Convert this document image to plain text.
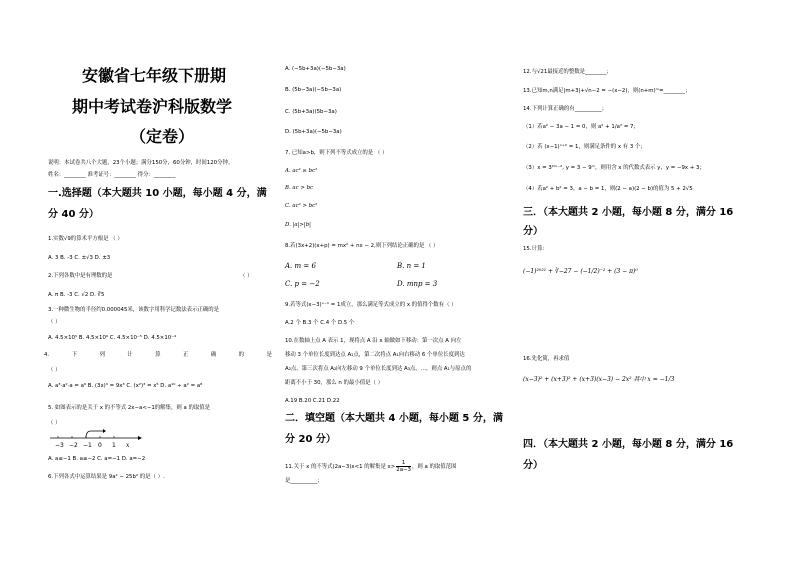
安徽省七年级下册期
期中考试卷沪科版数学
（定卷）
说明：本试卷共八个大题，23个小题；满分150分，60分钟，时间120分钟。
姓名：________ 准考证号：________ 得分：________
一.选择题（本大题共 10 小题，每小题 4 分，满
分 40 分）
1.实数√9的算术平方根是 （ ）
A. 3 B. -3 C. ±√3 D. ±3
2.下列各数中是有理数的是	（ ）
A. π B. -3 C. √2 D. ∛5
3.一种微生物的半径约0.000045米，该数字用科学记数法表示正确的是
（ ）
A. 4.5×10⁵ B. 4.5×10⁶ C. 4.5×10⁻⁵ D. 4.5×10⁻⁴
4.	下	列	计	算	正	确	的	是
（ ）
A. a³·a²·a = a⁶ B. (3x)³ = 9x³ C. (x²)³ = x⁵ D. a¹⁰ ÷ a² = a⁸
5. 如图表示的是关于 x 的不等式 2x−a<−1的解集，则 a 的取值是
（ ）
−3 −2 −1 0 1 x
A. a≤−1 B. a≤−2 C. a=−1 D. a=−2
6.下列各式中运算结果是 9a² − 25b² 的是（ ）.
A. (−5b+3a)(−5b−3a)
B. (5b−3a)(−5b−3a)
C. (5b+3a)(5b−3a)
D. (5b+3a)(−5b−3a)
7. 已知a>b，则下列不等式成立的是 （ ）
A. ac² ≥ bc²
B. ac > bc
C. ac² > bc²
D. |a|>|b|
8.若(3x+2)(x+p) = mx² + nx − 2,则下列结论正确的是 （ ）
A. m = 6	B. n = 1
C. p = −2	D. mnp = 3
9.若等式(x−3)ˣ⁻¹ = 1成立，那么满足等式成立的 x 的值得个数有（ ）
A.2 个 B.3 个 C.4 个 D.5 个
10.在数轴上点 A 表示 1，现将点 A 沿 x 轴做如下移动：第一次点 A 向左
移动 3 个单位长度到达点 A₁点，第二次将点 A₁向右移动 6 个单位长度到达
A₂点，第三次将点 A₂向左移动 9 个单位长度到达 A₃点，…，则点 A₁与原点的
距离不小于 30，那么 n 的最小值是（ ）
A.19 B.20 C.21 D.22
二．填空题（本大题共 4 小题，每小题 5 分，满
分 20 分）
11.关于 x 的不等式(2a−3)x<1 的解集是 $x> \frac{1}{2a-3}$ ，则 a 的取值范围
是__________；
12.与√21最接近的整数是________；
13.已知m,n满足|m+3|+√n−2 = −(x−2)，则(n+m)ᵐ=________；
14.下列计算正确的有__________；
（1）若a² − 3a − 1 = 0，则 a² + 1/a² = 7；
（2）若 (x−1)ˣ⁺² = 1，则满足条件的 x 有 3 个；
（3）x = 3²ᵐ⁻², y = 3 − 9ᵐ，则用含 x 的代数式表示 y，y = −9x + 3；
（4）若a² + b² = 3，a − b = 1，则(2 − a)(2 − b)的值为 5 + 2√5
三．（本大题共 2 小题，每小题 8 分，满分 16
分）
15.计算：
(−1)²⁰²¹ + ∛−27 − (−1/2)⁻² + (3 − π)⁰
16.先化简，再求值
(x−3)² + (x+3)² + (x+3)(x−3) − 2x² 其中 x = −1/3
四．（本大题共 2 小题，每小题 8 分，满分 16
分）
